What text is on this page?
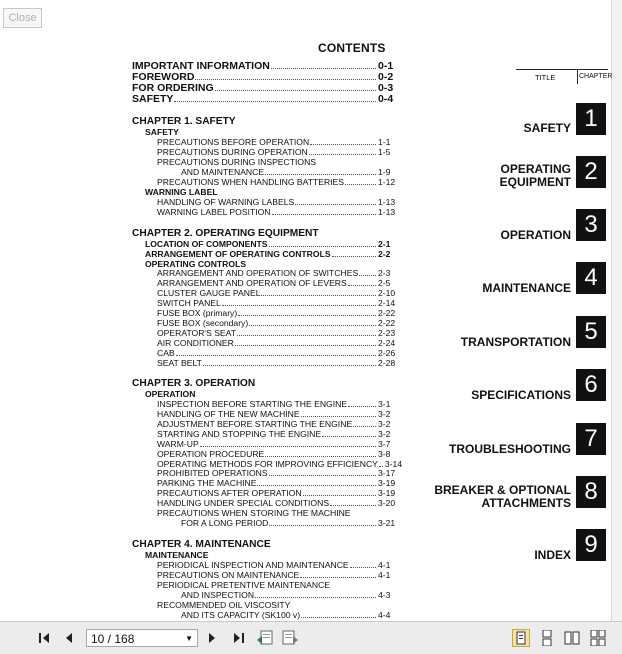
Close
CONTENTS
IMPORTANT INFORMATION	0-1
FOREWORD	0-2
FOR ORDERING	0-3
SAFETY	0-4
CHAPTER 1. SAFETY
SAFETY
PRECAUTIONS BEFORE OPERATION	1-1
PRECAUTIONS DURING OPERATION	1-5
PRECAUTIONS DURING INSPECTIONS
AND MAINTENANCE	1-9
PRECAUTIONS WHEN HANDLING BATTERIES	1-12
WARNING LABEL
HANDLING OF WARNING LABELS	1-13
WARNING LABEL POSITION	1-13
CHAPTER 2. OPERATING EQUIPMENT
LOCATION OF COMPONENTS	2-1
ARRANGEMENT OF OPERATING CONTROLS	2-2
OPERATING CONTROLS
ARRANGEMENT AND OPERATION OF SWITCHES 2-3
ARRANGEMENT AND OPERATION OF LEVERS	2-5
CLUSTER GAUGE PANEL	2-10
SWITCH PANEL	2-14
FUSE BOX (primary)	2-22
FUSE BOX (secondary)	2-22
OPERATOR'S SEAT	2-23
AIR CONDITIONER	2-24
CAB	2-26
SEAT BELT	2-28
CHAPTER 3. OPERATION
OPERATION
INSPECTION BEFORE STARTING THE ENGINE	3-1
HANDLING OF THE NEW MACHINE	3-2
ADJUSTMENT BEFORE STARTING THE ENGINE	3-2
STARTING AND STOPPING THE ENGINE	3-2
WARM-UP	3-7
OPERATION PROCEDURE	3-8
OPERATING METHODS FOR IMPROVING EFFICIENCY 3-14
PROHIBITED OPERATIONS	3-17
PARKING THE MACHINE	3-19
PRECAUTIONS AFTER OPERATION	3-19
HANDLING UNDER SPECIAL CONDITIONS	3-20
PRECAUTIONS WHEN STORING THE MACHINE
FOR A LONG PERIOD	3-21
CHAPTER 4. MAINTENANCE
MAINTENANCE
PERIODICAL INSPECTION AND MAINTENANCE	4-1
PRECAUTIONS ON MAINTENANCE	4-1
PERIODICAL PRETENTIVE MAINTENANCE
AND INSPECTION	4-3
RECOMMENDED OIL VISCOSITY
AND ITS CAPACITY (SK100 v)	4-4
TITLE	CHAPTER
SAFETY 1
OPERATING
EQUIPMENT 2
OPERATION 3
MAINTENANCE 4
TRANSPORTATION 5
SPECIFICATIONS 6
TROUBLESHOOTING 7
BREAKER & OPTIONAL
ATTACHMENTS 8
INDEX 9
10 / 168	▼
